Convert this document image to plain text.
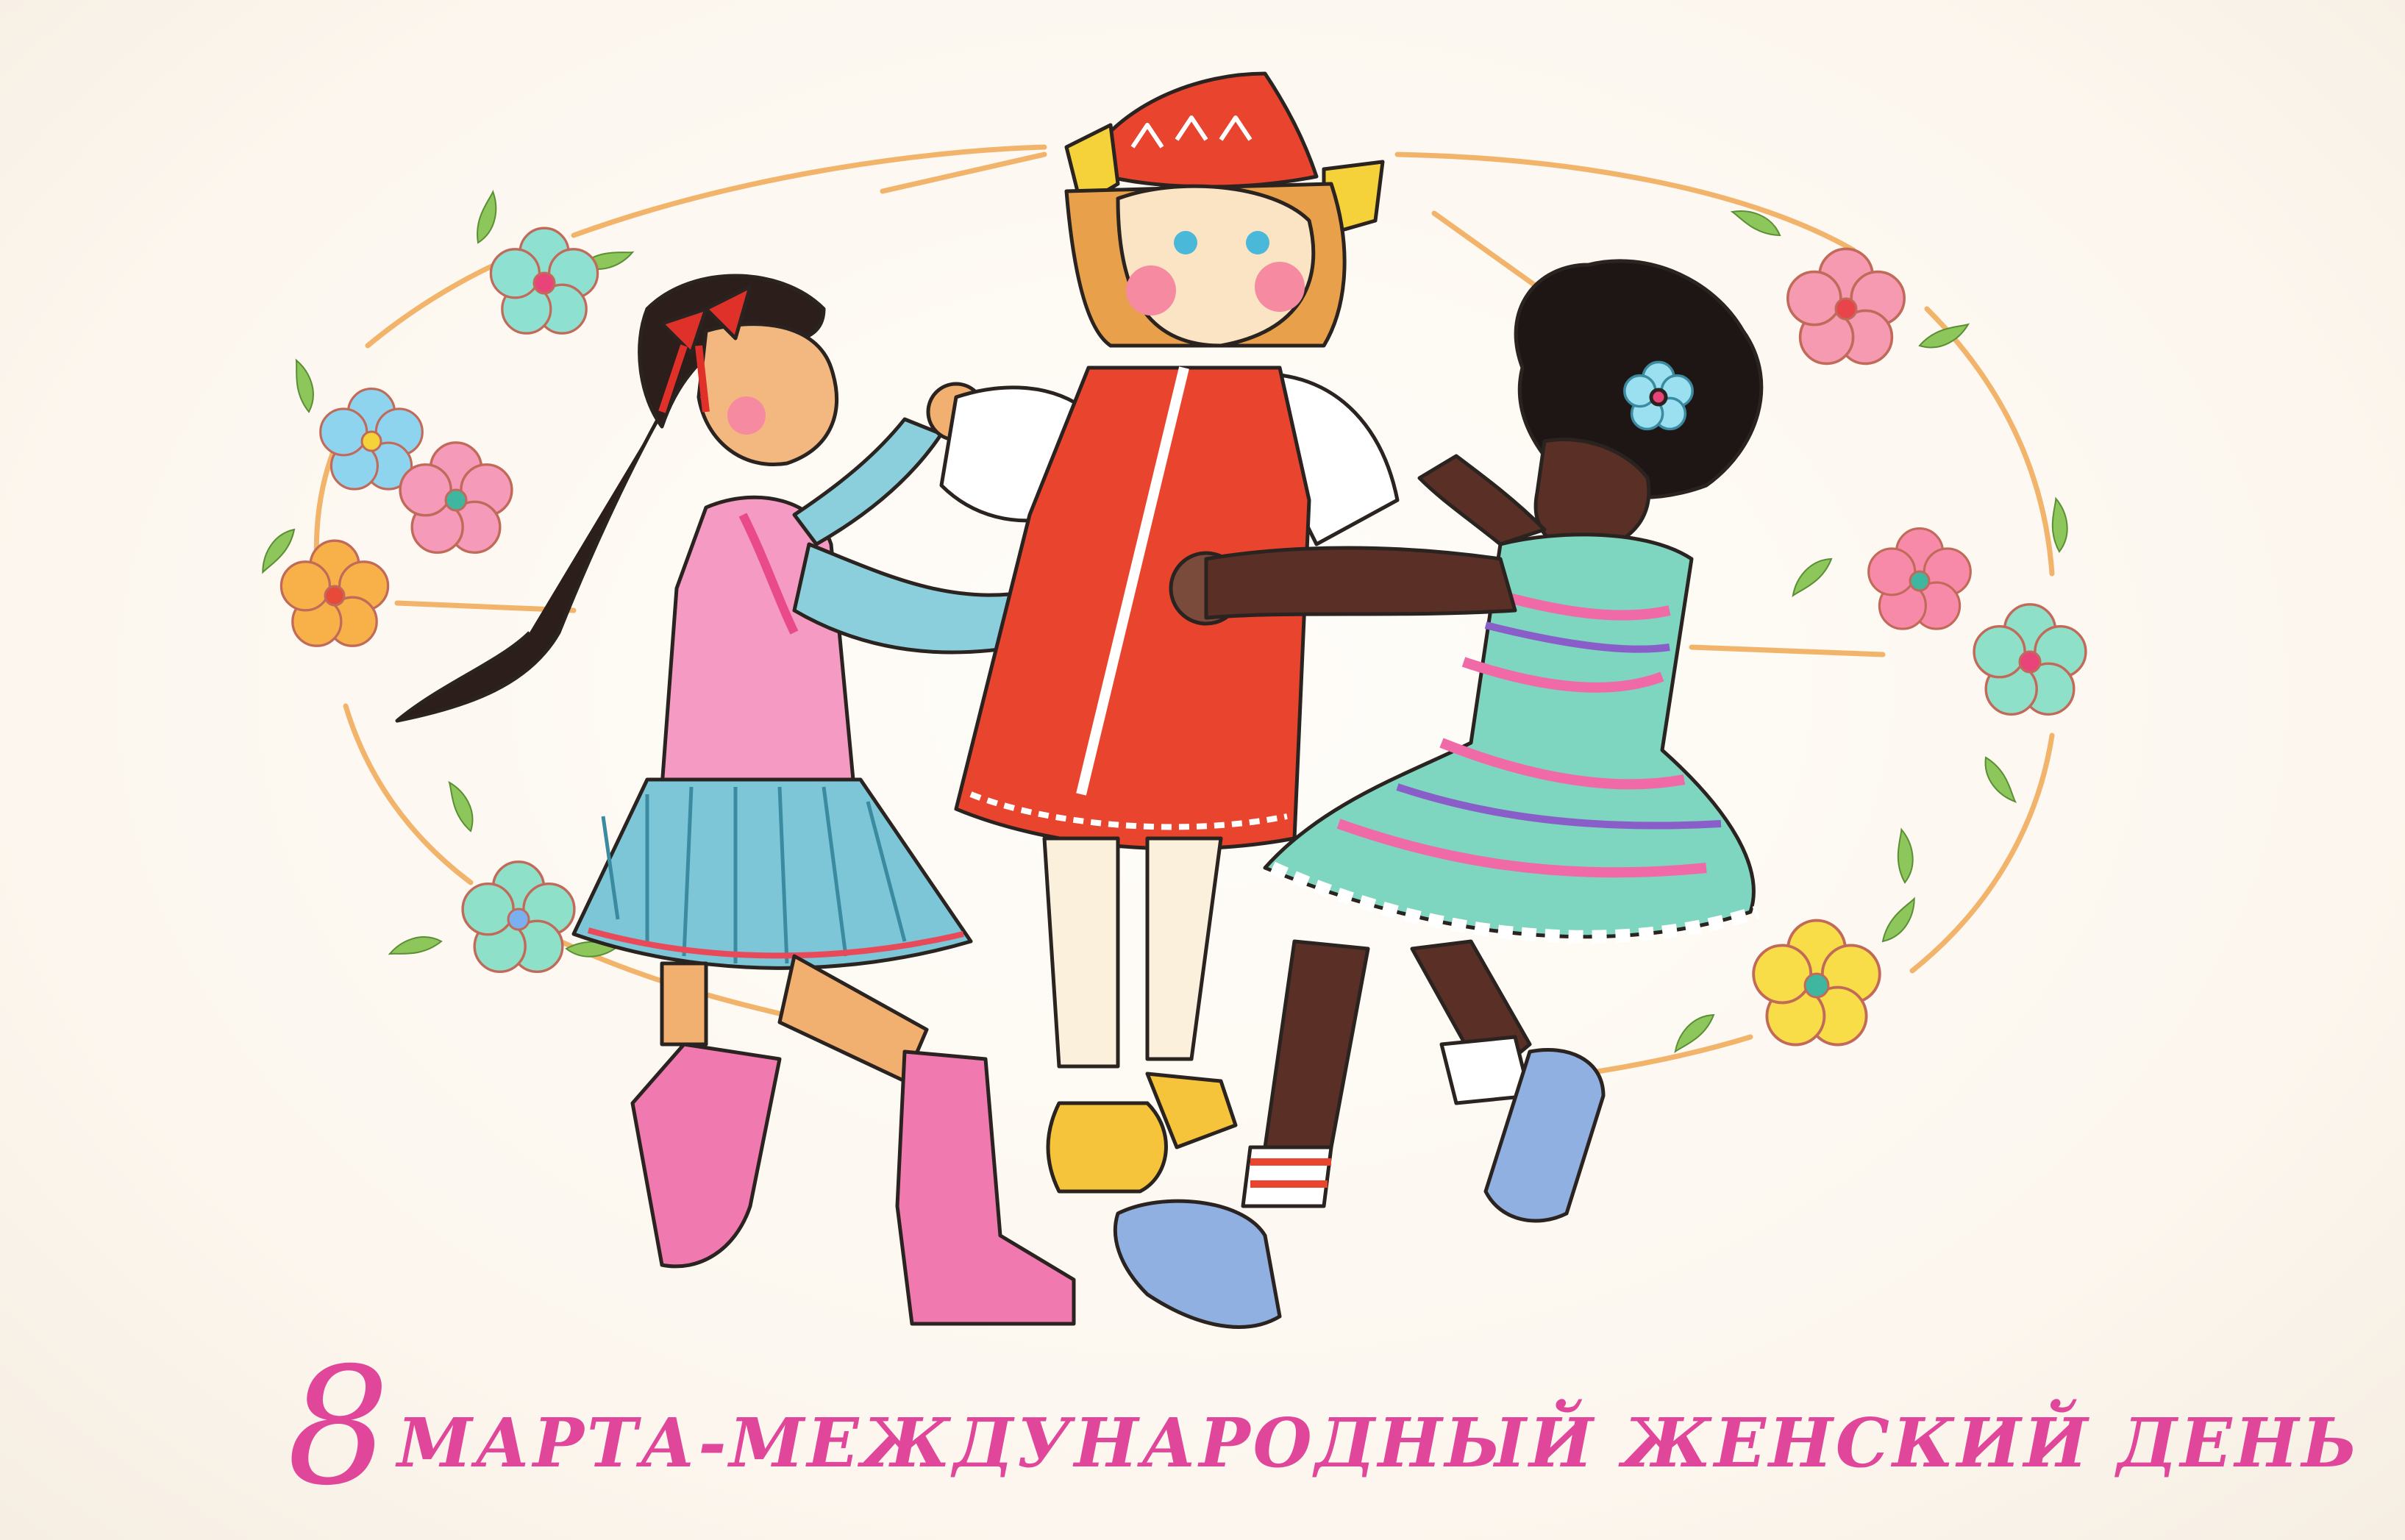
8 МАРТА - МЕЖДУНАРОДНЫЙ ЖЕНСКИЙ ДЕНЬ
